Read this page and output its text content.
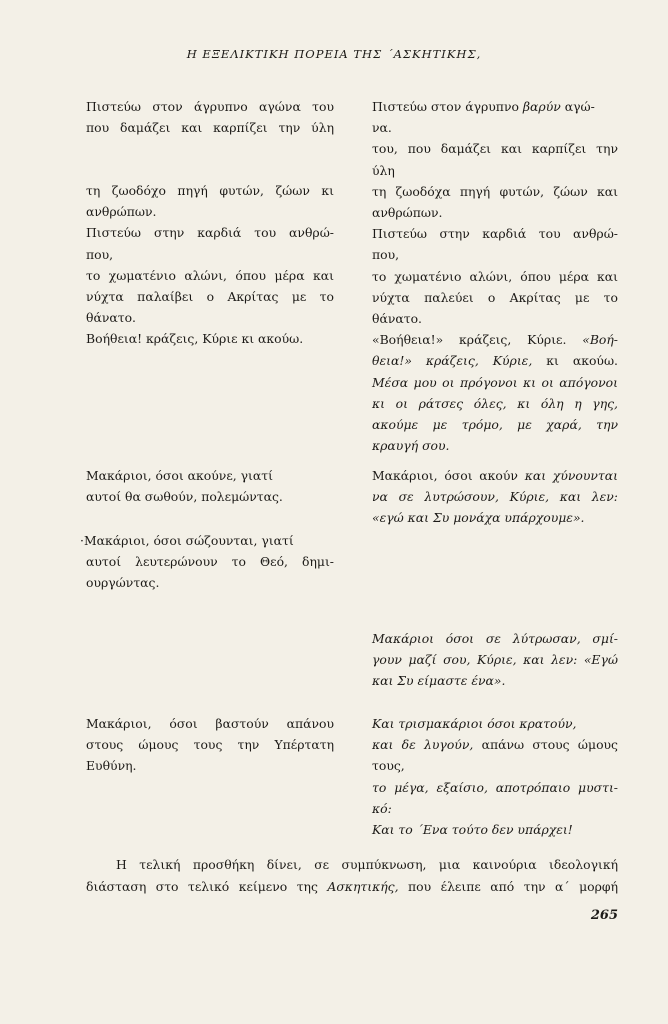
Η ΕΞΕΛΙΚΤΙΚΗ ΠΟΡΕΙΑ ΤΗΣ ΄ΑΣΚΗΤΙΚΗΣ,
Πιστεύω στον άγρυπνο αγώνα του
που δαμάζει και καρπίζει την ύλη
τη ζωοδόχο πηγή φυτών, ζώων κι
ανθρώπων.
Πιστεύω στην καρδιά του ανθρώ-
που,
το χωματένιο αλώνι, όπου μέρα και
νύχτα παλαίβει ο Ακρίτας με το
θάνατο.
Βοήθεια! κράζεις, Κύριε κι ακούω.
Μακάριοι, όσοι ακούνε, γιατί
αυτοί θα σωθούν, πολεμώντας.
·Μακάριοι, όσοι σώζουνται, γιατί
αυτοί λευτερώνουν το Θεό, δημι-
ουργώντας.
Μακάριοι, όσοι βαστούν απάνου
στους ώμους τους την Υπέρτατη
Ευθύνη.
Πιστεύω στον άγρυπνο βαρύν αγώ-
να.
του, που δαμάζει και καρπίζει την
ύλη
τη ζωοδόχα πηγή φυτών, ζώων και
ανθρώπων.
Πιστεύω στην καρδιά του ανθρώ-
που,
το χωματένιο αλώνι, όπου μέρα και
νύχτα παλεύει ο Ακρίτας με το
θάνατο.
«Βοήθεια!» κράζεις, Κύριε. «Βοή-
θεια!» κράζεις, Κύριε, κι ακούω.
Μέσα μου οι πρόγονοι κι οι απόγονοι
κι οι ράτσες όλες, κι όλη η γης,
ακούμε με τρόμο, με χαρά, την
κραυγή σου.
Μακάριοι, όσοι ακούν και χύνουνται
να σε λυτρώσουν, Κύριε, και λεν:
«εγώ και Συ μονάχα υπάρχουμε».
Μακάριοι όσοι σε λύτρωσαν, σμί-
γουν μαζί σου, Κύριε, και λεν: «Εγώ
και Συ είμαστε ένα».
Και τρισμακάριοι όσοι κρατούν,
και δε λυγούν, απάνω στους ώμους
τους,
το μέγα, εξαίσιο, αποτρόπαιο μυστι-
κό:
Και το ΄Ενα τούτο δεν υπάρχει!
Η τελική προσθήκη δίνει, σε συμπύκνωση, μια καινούρια ιδεολογική
διάσταση στο τελικό κείμενο της Ασκητικής, που έλειπε από την α΄ μορφή
265
